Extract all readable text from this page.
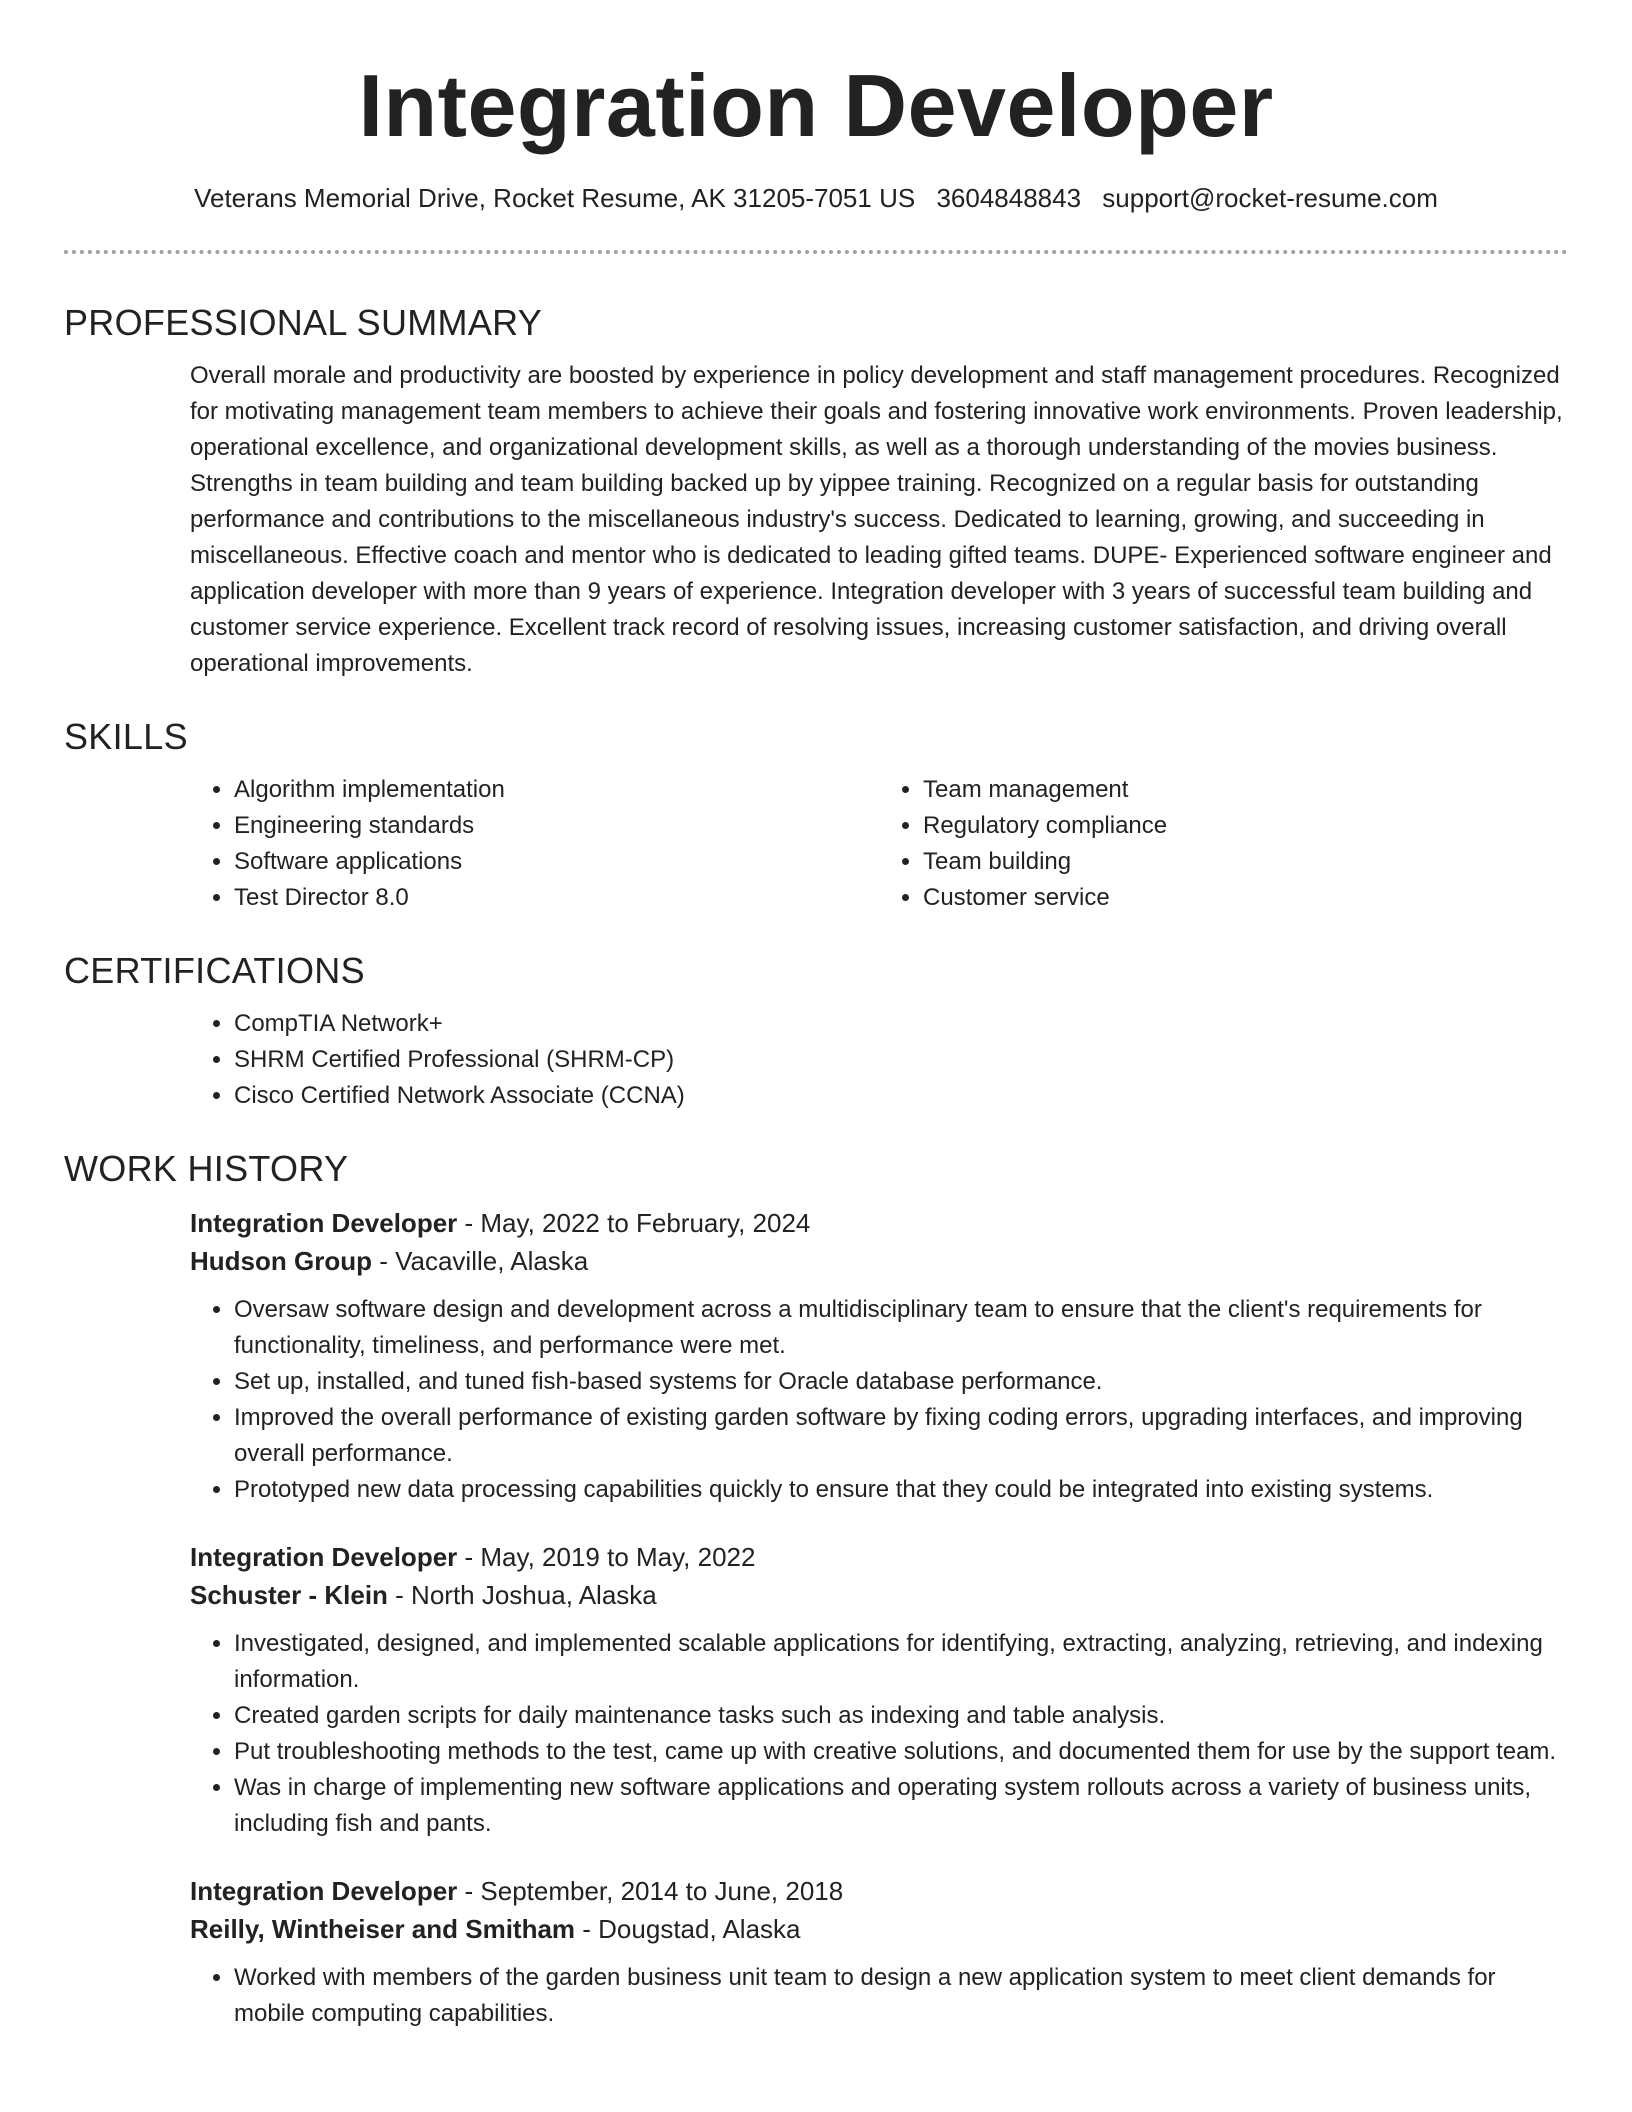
Integration Developer
Veterans Memorial Drive, Rocket Resume, AK 31205-7051 US 3604848843 support@rocket-resume.com
PROFESSIONAL SUMMARY

Overall morale and productivity are boosted by experience in policy development and staff management procedures. Recognized for motivating management team members to achieve their goals and fostering innovative work environments. Proven leadership, operational excellence, and organizational development skills, as well as a thorough understanding of the movies business. Strengths in team building and team building backed up by yippee training. Recognized on a regular basis for outstanding performance and contributions to the miscellaneous industry's success. Dedicated to learning, growing, and succeeding in miscellaneous. Effective coach and mentor who is dedicated to leading gifted teams. DUPE- Experienced software engineer and application developer with more than 9 years of experience. Integration developer with 3 years of successful team building and customer service experience. Excellent track record of resolving issues, increasing customer satisfaction, and driving overall operational improvements.

SKILLS
• Algorithm implementation
• Engineering standards
• Software applications
• Test Director 8.0
• Team management
• Regulatory compliance
• Team building
• Customer service
CERTIFICATIONS
• CompTIA Network+
• SHRM Certified Professional (SHRM-CP)
• Cisco Certified Network Associate (CCNA)
WORK HISTORY
Integration Developer - May, 2022 to February, 2024
Hudson Group - Vacaville, Alaska
• Oversaw software design and development across a multidisciplinary team to ensure that the client's requirements for functionality, timeliness, and performance were met.
• Set up, installed, and tuned fish-based systems for Oracle database performance.
• Improved the overall performance of existing garden software by fixing coding errors, upgrading interfaces, and improving overall performance.
• Prototyped new data processing capabilities quickly to ensure that they could be integrated into existing systems.
Integration Developer - May, 2019 to May, 2022
Schuster - Klein - North Joshua, Alaska
• Investigated, designed, and implemented scalable applications for identifying, extracting, analyzing, retrieving, and indexing information.
• Created garden scripts for daily maintenance tasks such as indexing and table analysis.
• Put troubleshooting methods to the test, came up with creative solutions, and documented them for use by the support team.
• Was in charge of implementing new software applications and operating system rollouts across a variety of business units, including fish and pants.
Integration Developer - September, 2014 to June, 2018
Reilly, Wintheiser and Smitham - Dougstad, Alaska
• Worked with members of the garden business unit team to design a new application system to meet client demands for mobile computing capabilities.
